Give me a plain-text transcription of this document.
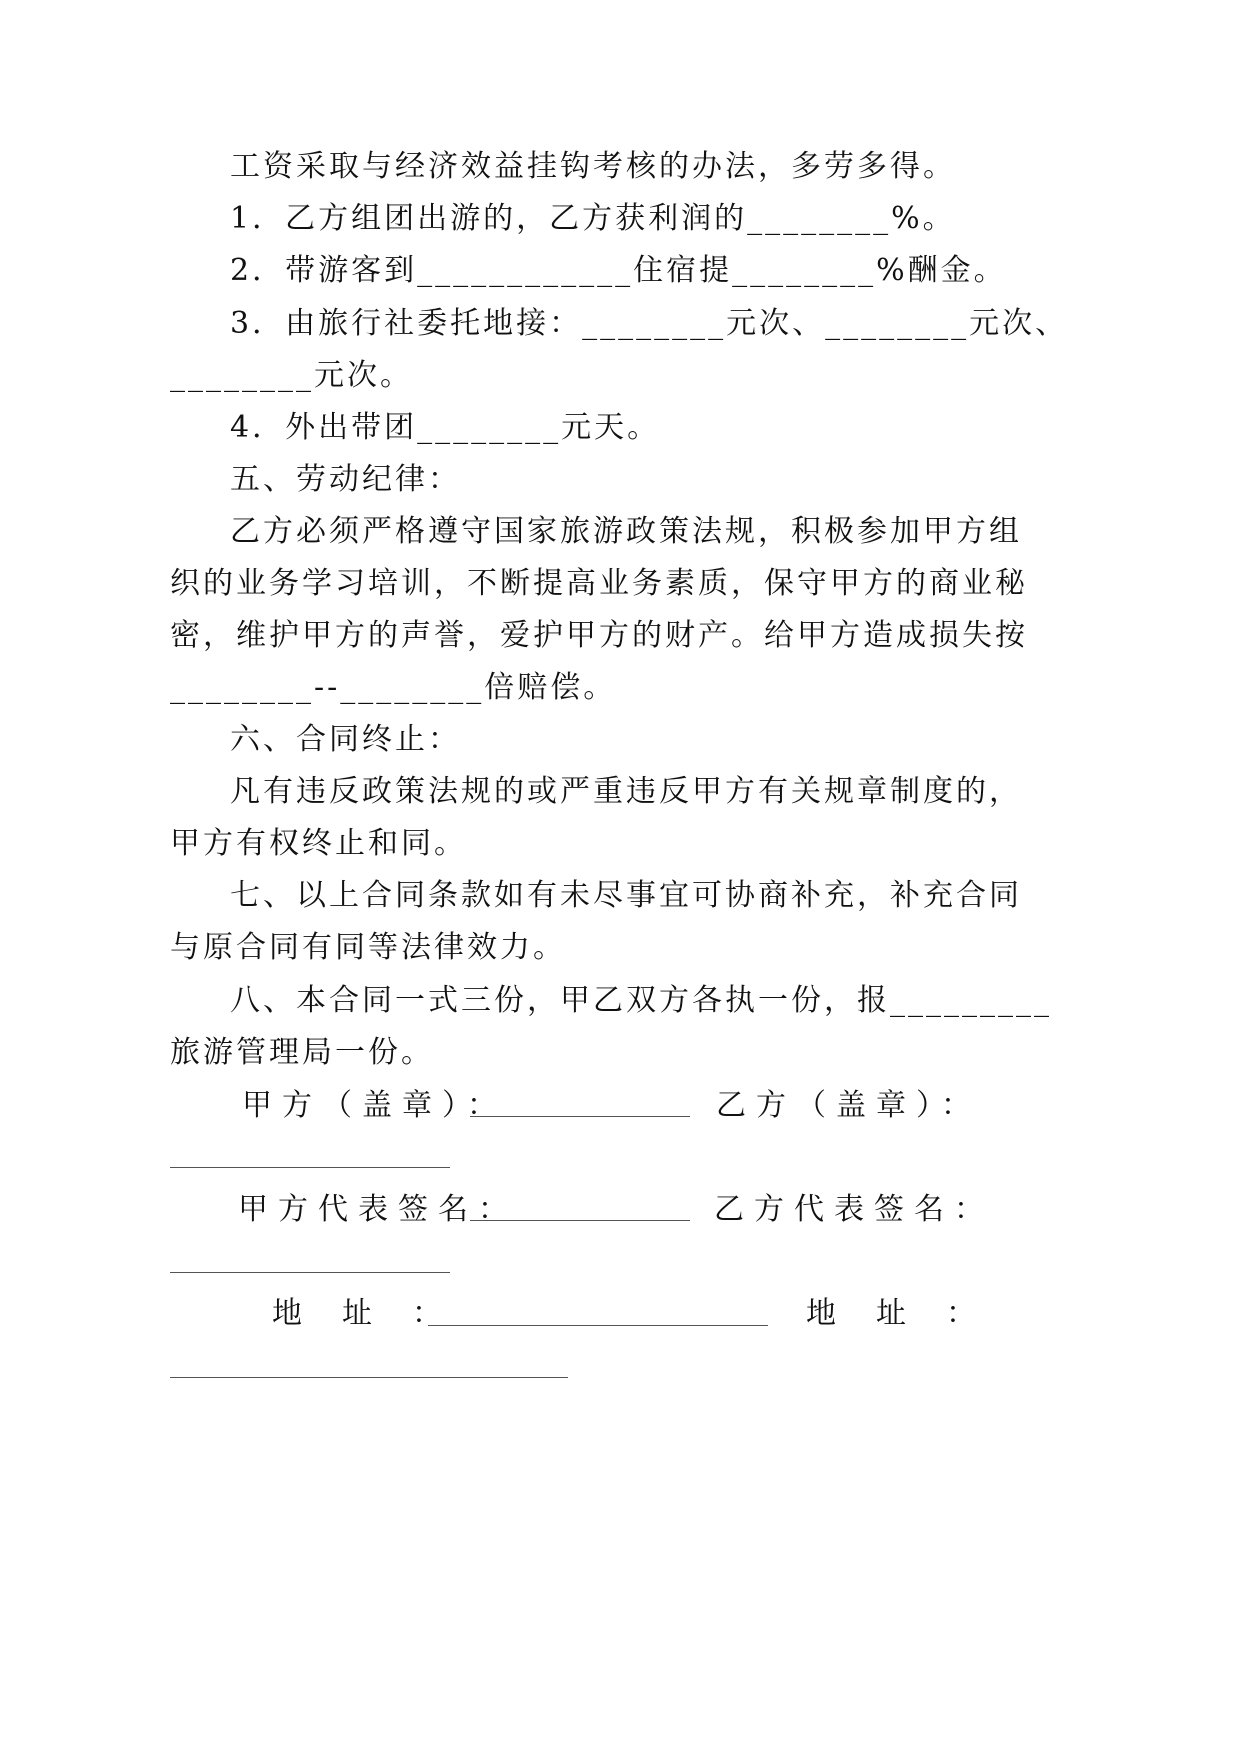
工资采取与经济效益挂钩考核的办法，多劳多得。
1．乙方组团出游的，乙方获利润的________%。
2．带游客到____________住宿提________%酬金。
3．由旅行社委托地接：________元次、________元次、
________元次。
4．外出带团________元天。
五、劳动纪律：
乙方必须严格遵守国家旅游政策法规，积极参加甲方组
织的业务学习培训，不断提高业务素质，保守甲方的商业秘
密，维护甲方的声誉，爱护甲方的财产。给甲方造成损失按
________--________倍赔偿。
六、合同终止：
凡有违反政策法规的或严重违反甲方有关规章制度的，
甲方有权终止和同。
七、以上合同条款如有未尽事宜可协商补充，补充合同
与原合同有同等法律效力。
八、本合同一式三份，甲乙双方各执一份，报_________
旅游管理局一份。
甲方（盖章）：	乙方（盖章）：
甲方代表签名：	乙方代表签名：
地址：	地址：
